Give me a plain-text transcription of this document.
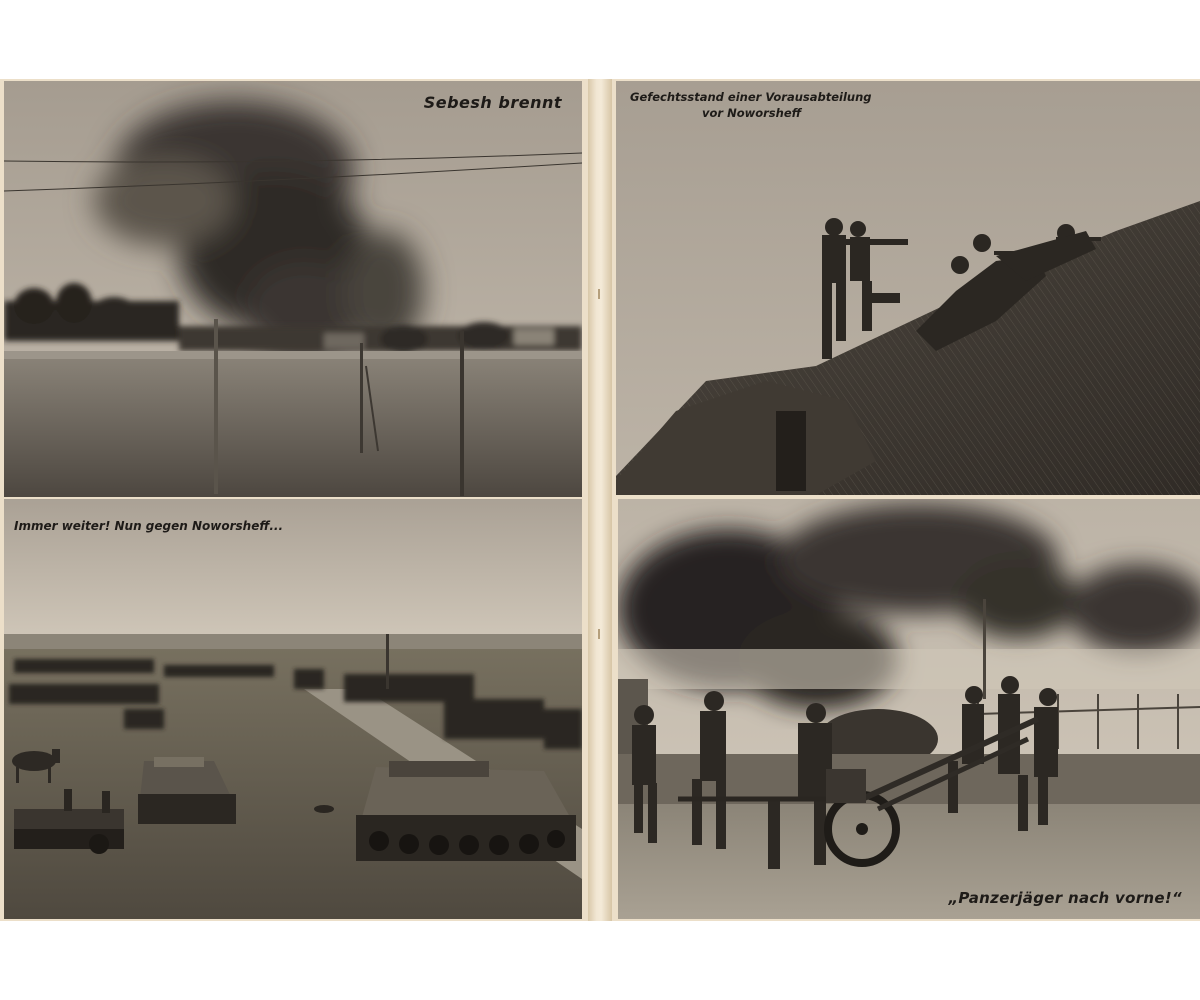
Sebesh brennt
Immer weiter! Nun gegen Noworsheff...
Gefechtsstand einer Vorausabteilung
vor Noworsheff
„Panzerjäger nach vorne!“
